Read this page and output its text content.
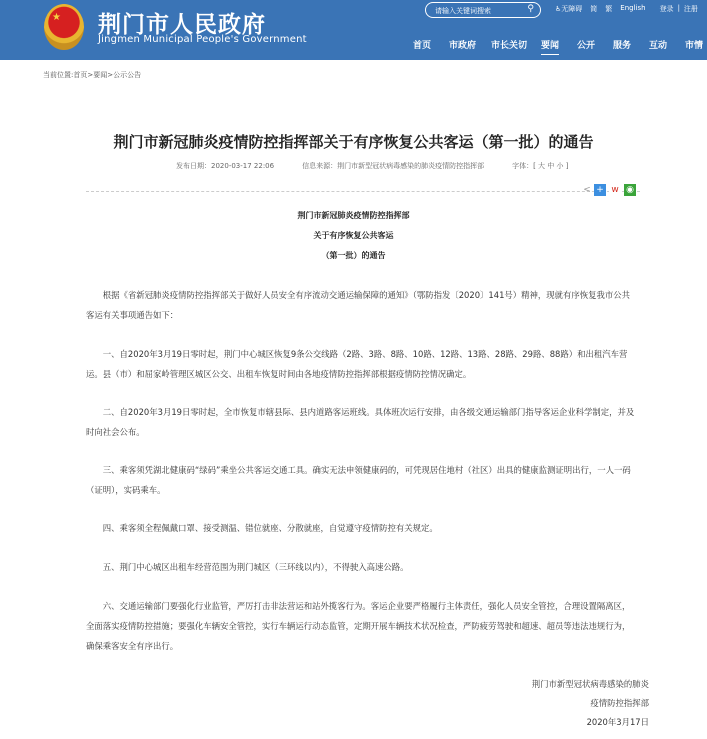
★ 荆门市人民政府
Jingmen Municipal People's Government
请输入关键词搜索	⚲	♿无障碍 简 繁 English 登录 | 注册
首页	市政府	市长关切	要闻	公开	服务	互动	市情
当前位置:首页>要闻>公示公告
荆门市新冠肺炎疫情防控指挥部关于有序恢复公共客运（第一批）的通告
发布日期：2020-03-17 22:06	信息来源：荆门市新型冠状病毒感染的肺炎疫情防控指挥部	字体：[ 大 中 小 ]
< + w ◉
荆门市新冠肺炎疫情防控指挥部
关于有序恢复公共客运
（第一批）的通告

根据《省新冠肺炎疫情防控指挥部关于做好人员安全有序流动交通运输保障的通知》（鄂防指发〔2020〕141号）精神，现就有序恢复我市公共客运有关事项通告如下：

一、自2020年3月19日零时起，荆门中心城区恢复9条公交线路（2路、3路、8路、10路、12路、13路、28路、29路、88路）和出租汽车营运。县（市）和屈家岭管理区城区公交、出租车恢复时间由各地疫情防控指挥部根据疫情防控情况确定。

二、自2020年3月19日零时起，全市恢复市辖县际、县内道路客运班线。具体班次运行安排，由各级交通运输部门指导客运企业科学制定，并及时向社会公布。

三、乘客须凭湖北健康码“绿码”乘坐公共客运交通工具。确实无法申领健康码的，可凭现居住地村（社区）出具的健康监测证明出行，一人一码（证明），实码乘车。

四、乘客须全程佩戴口罩、接受测温、错位就座、分散就座，自觉遵守疫情防控有关规定。

五、荆门中心城区出租车经营范围为荆门城区（三环线以内），不得驶入高速公路。

六、交通运输部门要强化行业监管，严厉打击非法营运和站外揽客行为。客运企业要严格履行主体责任，强化人员安全管控，合理设置隔离区，全面落实疫情防控措施；要强化车辆安全管控，实行车辆运行动态监管，定期开展车辆技术状况检查，严防疲劳驾驶和超速、超员等违法违规行为，确保乘客安全有序出行。

荆门市新型冠状病毒感染的肺炎
疫情防控指挥部
2020年3月17日
